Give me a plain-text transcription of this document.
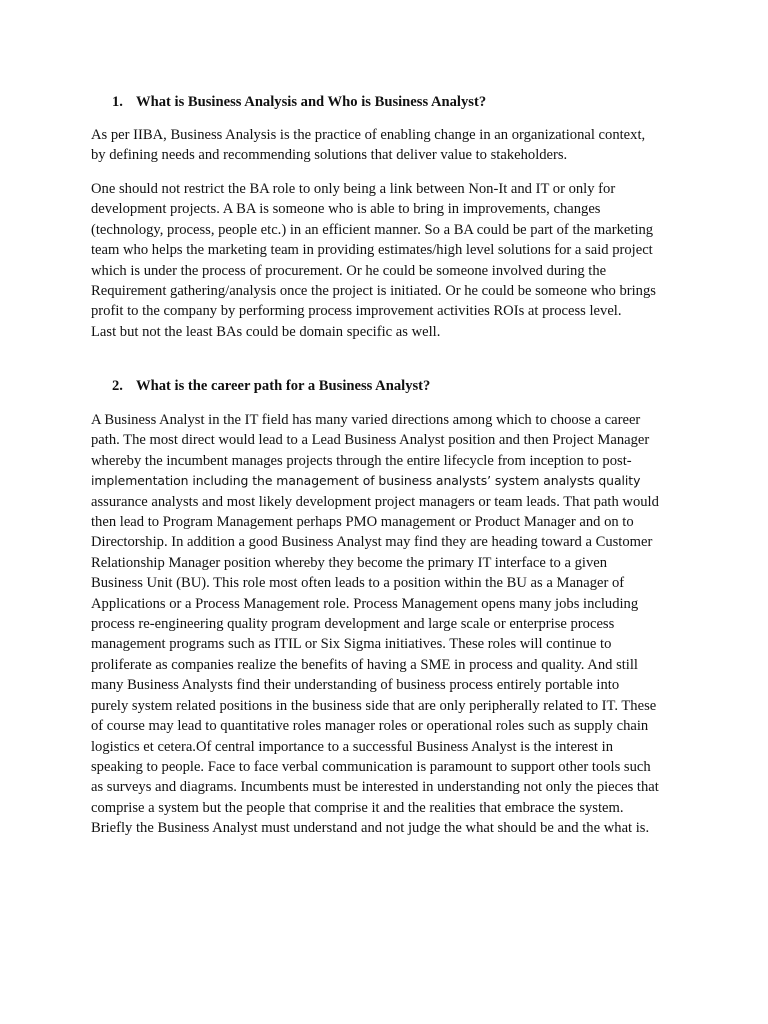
1. What is Business Analysis and Who is Business Analyst?

As per IIBA, Business Analysis is the practice of enabling change in an organizational context,
by defining needs and recommending solutions that deliver value to stakeholders.

One should not restrict the BA role to only being a link between Non-It and IT or only for
development projects. A BA is someone who is able to bring in improvements, changes
(technology, process, people etc.) in an efficient manner. So a BA could be part of the marketing
team who helps the marketing team in providing estimates/high level solutions for a said project
which is under the process of procurement. Or he could be someone involved during the
Requirement gathering/analysis once the project is initiated. Or he could be someone who brings
profit to the company by performing process improvement activities ROIs at process level.
Last but not the least BAs could be domain specific as well.

2. What is the career path for a Business Analyst?

A Business Analyst in the IT field has many varied directions among which to choose a career
path. The most direct would lead to a Lead Business Analyst position and then Project Manager
whereby the incumbent manages projects through the entire lifecycle from inception to post-
implementation including the management of business analysts’ system analysts quality
assurance analysts and most likely development project managers or team leads. That path would
then lead to Program Management perhaps PMO management or Product Manager and on to
Directorship. In addition a good Business Analyst may find they are heading toward a Customer
Relationship Manager position whereby they become the primary IT interface to a given
Business Unit (BU). This role most often leads to a position within the BU as a Manager of
Applications or a Process Management role. Process Management opens many jobs including
process re-engineering quality program development and large scale or enterprise process
management programs such as ITIL or Six Sigma initiatives. These roles will continue to
proliferate as companies realize the benefits of having a SME in process and quality. And still
many Business Analysts find their understanding of business process entirely portable into
purely system related positions in the business side that are only peripherally related to IT. These
of course may lead to quantitative roles manager roles or operational roles such as supply chain
logistics et cetera.Of central importance to a successful Business Analyst is the interest in
speaking to people. Face to face verbal communication is paramount to support other tools such
as surveys and diagrams. Incumbents must be interested in understanding not only the pieces that
comprise a system but the people that comprise it and the realities that embrace the system.
Briefly the Business Analyst must understand and not judge the what should be and the what is.
